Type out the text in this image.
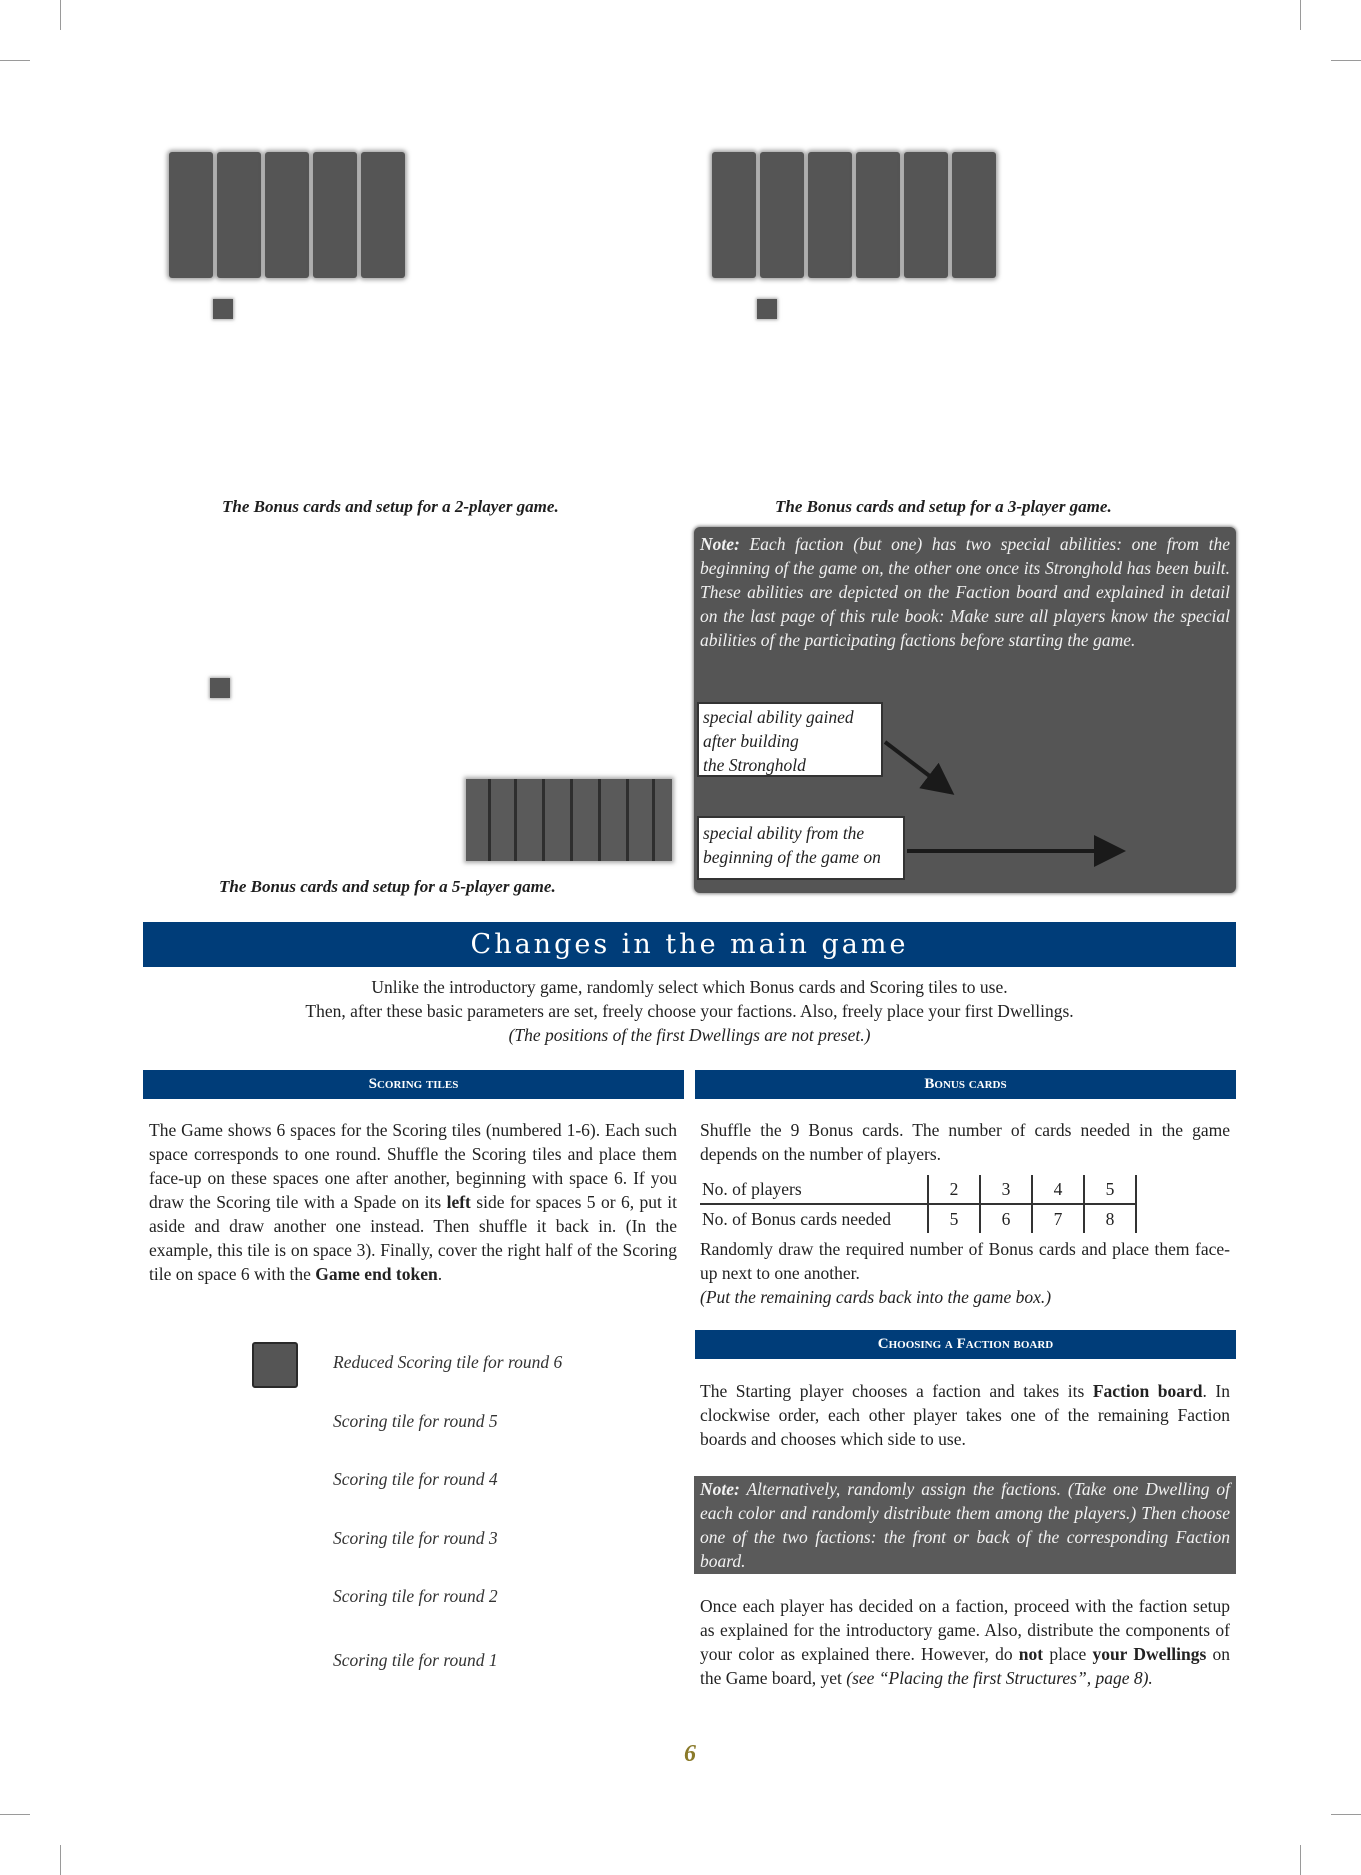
The Bonus cards and setup for a 2-player game.	The Bonus cards and setup for a 3-player game.
The Bonus cards and setup for a 5-player game.
Note: Each faction (but one) has two special abilities: one from the beginning of the game on, the other one once its Stronghold has been built. These abilities are depicted on the Faction board and explained in detail on the last page of this rule book: Make sure all players know the special abilities of the participating factions before starting the game.
special ability gained
after building
the Stronghold
special ability from the
beginning of the game on
Changes in the main game
Unlike the introductory game, randomly select which Bonus cards and Scoring tiles to use.
Then, after these basic parameters are set, freely choose your factions. Also, freely place your first Dwellings.
(The positions of the first Dwellings are not preset.)
Scoring tiles
The Game shows 6 spaces for the Scoring tiles (numbered 1-6). Each such space corresponds to one round. Shuffle the Scoring tiles and place them face-up on these spaces one after another, beginning with space 6. If you draw the Scoring tile with a Spade on its left side for spaces 5 or 6, put it aside and draw another one instead. Then shuffle it back in. (In the example, this tile is on space 3). Finally, cover the right half of the Scoring tile on space 6 with the Game end token.
Reduced Scoring tile for round 6
Scoring tile for round 5
Scoring tile for round 4
Scoring tile for round 3
Scoring tile for round 2
Scoring tile for round 1
Bonus cards
Shuffle the 9 Bonus cards. The number of cards needed in the game depends on the number of players.
No. of players	2	3	4	5
No. of Bonus cards needed	5	6	7	8
Randomly draw the required number of Bonus cards and place them face-up next to one another.
(Put the remaining cards back into the game box.)
Choosing a Faction board
The Starting player chooses a faction and takes its Faction board. In clockwise order, each other player takes one of the remaining Faction boards and chooses which side to use.
Note: Alternatively, randomly assign the factions. (Take one Dwelling of each color and randomly distribute them among the players.) Then choose one of the two factions: the front or back of the corresponding Faction board.
Once each player has decided on a faction, proceed with the faction setup as explained for the introductory game. Also, distribute the components of your color as explained there. However, do not place your Dwellings on the Game board, yet (see “Placing the first Structures”, page 8).
6
